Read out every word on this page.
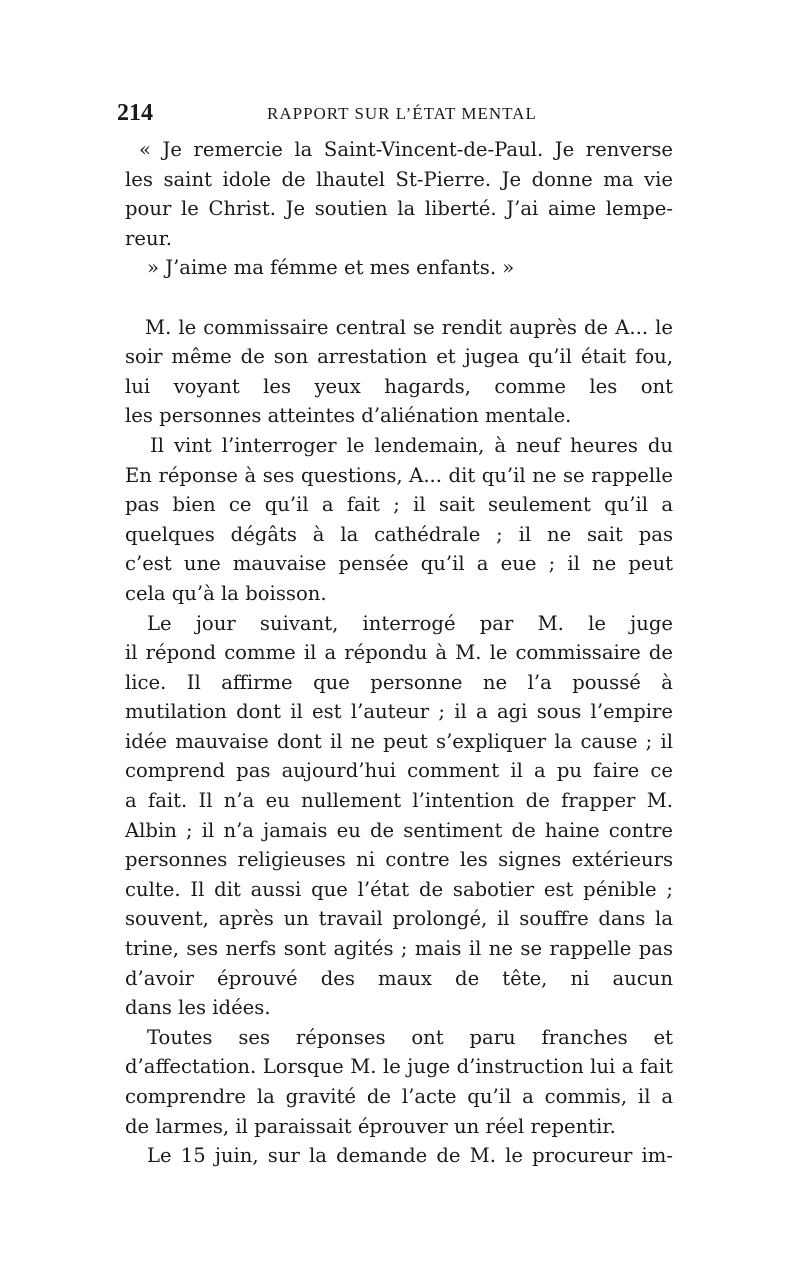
214	RAPPORT SUR L’ÉTAT MENTAL
« Je remercie la Saint-Vincent-de-Paul. Je renverse
les saint idole de lhautel St-Pierre. Je donne ma vie
pour le Christ. Je soutien la liberté. J’ai aime lempe-
reur.
» J’aime ma fémme et mes enfants. »
M. le commissaire central se rendit auprès de A... le
soir même de son arrestation et jugea qu’il était fou,
lui voyant les yeux hagards, comme les ont
les personnes atteintes d’aliénation mentale.
Il vint l’interroger le lendemain, à neuf heures du
En réponse à ses questions, A... dit qu’il ne se rappelle
pas bien ce qu’il a fait ; il sait seulement qu’il a
quelques dégâts à la cathédrale ; il ne sait pas
c’est une mauvaise pensée qu’il a eue ; il ne peut
cela qu’à la boisson.
Le jour suivant, interrogé par M. le juge
il répond comme il a répondu à M. le commissaire de
lice. Il affirme que personne ne l’a poussé à
mutilation dont il est l’auteur ; il a agi sous l’empire
idée mauvaise dont il ne peut s’expliquer la cause ; il
comprend pas aujourd’hui comment il a pu faire ce
a fait. Il n’a eu nullement l’intention de frapper M.
Albin ; il n’a jamais eu de sentiment de haine contre
personnes religieuses ni contre les signes extérieurs
culte. Il dit aussi que l’état de sabotier est pénible ;
souvent, après un travail prolongé, il souffre dans la
trine, ses nerfs sont agités ; mais il ne se rappelle pas
d’avoir éprouvé des maux de tête, ni aucun
dans les idées.
Toutes ses réponses ont paru franches et
d’affectation. Lorsque M. le juge d’instruction lui a fait
comprendre la gravité de l’acte qu’il a commis, il a
de larmes, il paraissait éprouver un réel repentir.
Le 15 juin, sur la demande de M. le procureur im-
